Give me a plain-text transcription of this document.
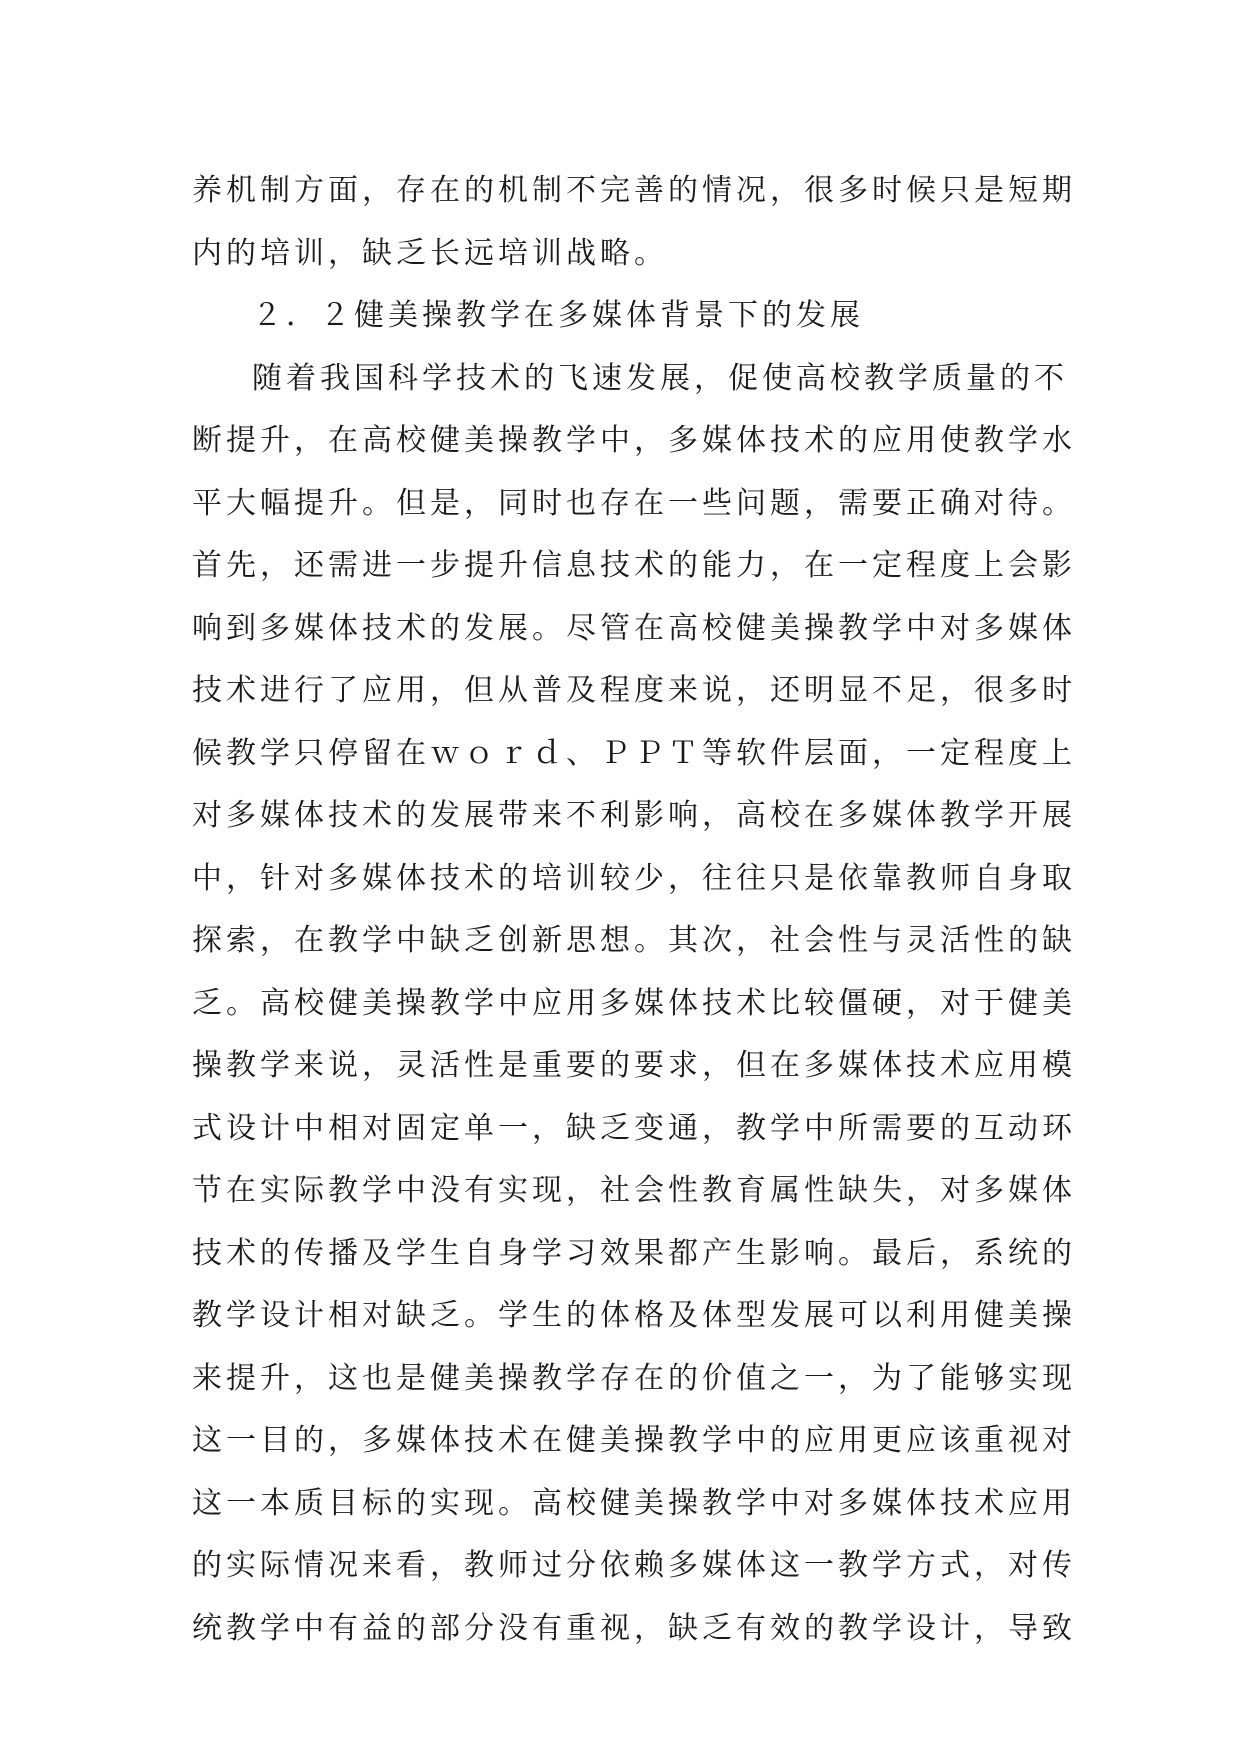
养机制方面，存在的机制不完善的情况，很多时候只是短期
内的培训，缺乏长远培训战略。
２．２健美操教学在多媒体背景下的发展
随着我国科学技术的飞速发展，促使高校教学质量的不
断提升，在高校健美操教学中，多媒体技术的应用使教学水
平大幅提升。但是，同时也存在一些问题，需要正确对待。
首先，还需进一步提升信息技术的能力，在一定程度上会影
响到多媒体技术的发展。尽管在高校健美操教学中对多媒体
技术进行了应用，但从普及程度来说，还明显不足，很多时
候教学只停留在ｗｏｒｄ、ＰＰＴ等软件层面，一定程度上
对多媒体技术的发展带来不利影响，高校在多媒体教学开展
中，针对多媒体技术的培训较少，往往只是依靠教师自身取
探索，在教学中缺乏创新思想。其次，社会性与灵活性的缺
乏。高校健美操教学中应用多媒体技术比较僵硬，对于健美
操教学来说，灵活性是重要的要求，但在多媒体技术应用模
式设计中相对固定单一，缺乏变通，教学中所需要的互动环
节在实际教学中没有实现，社会性教育属性缺失，对多媒体
技术的传播及学生自身学习效果都产生影响。最后，系统的
教学设计相对缺乏。学生的体格及体型发展可以利用健美操
来提升，这也是健美操教学存在的价值之一，为了能够实现
这一目的，多媒体技术在健美操教学中的应用更应该重视对
这一本质目标的实现。高校健美操教学中对多媒体技术应用
的实际情况来看，教师过分依赖多媒体这一教学方式，对传
统教学中有益的部分没有重视，缺乏有效的教学设计，导致
